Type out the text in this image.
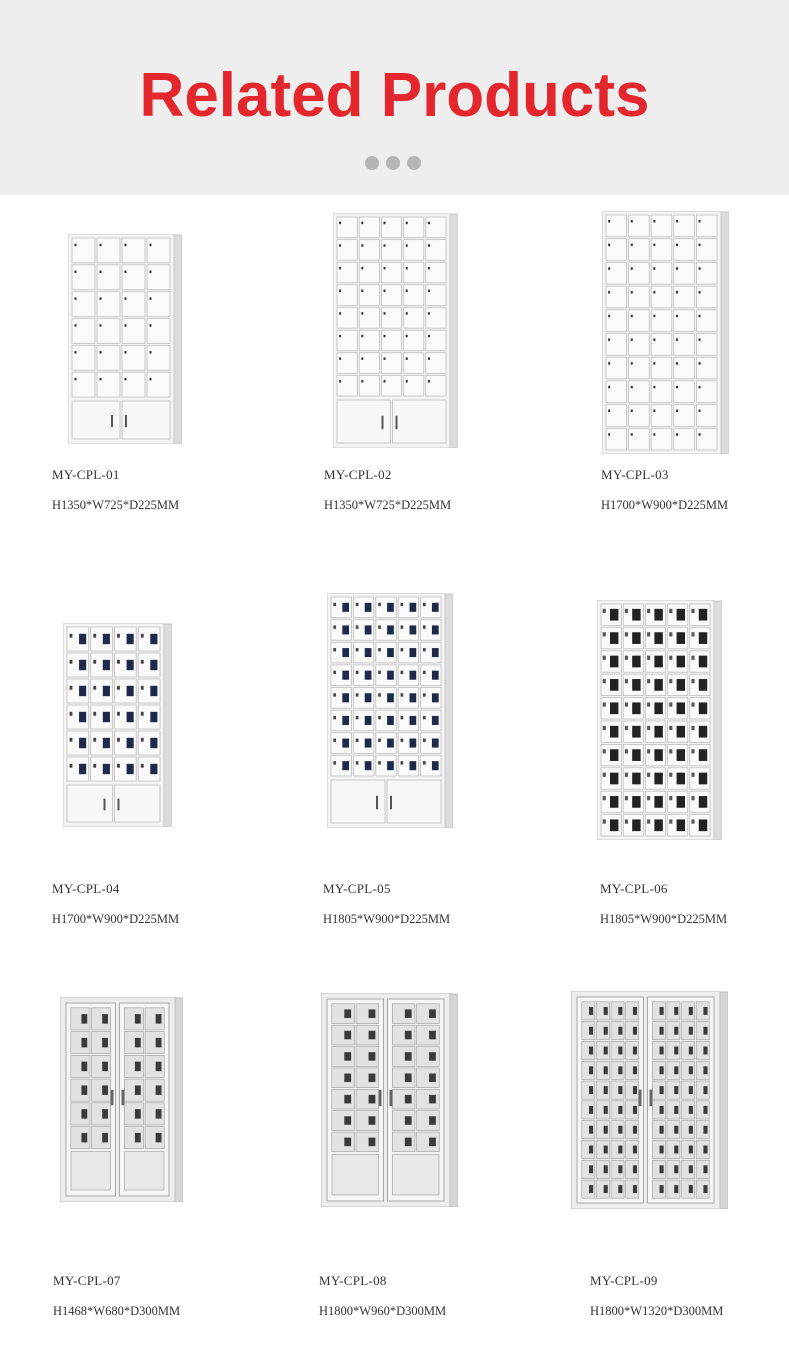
Related Products
MY-CPL-01
H1350*W725*D225MM
MY-CPL-02
H1350*W725*D225MM
MY-CPL-03
H1700*W900*D225MM
MY-CPL-04
H1700*W900*D225MM
MY-CPL-05
H1805*W900*D225MM
MY-CPL-06
H1805*W900*D225MM
MY-CPL-07
H1468*W680*D300MM
MY-CPL-08
H1800*W960*D300MM
MY-CPL-09
H1800*W1320*D300MM
